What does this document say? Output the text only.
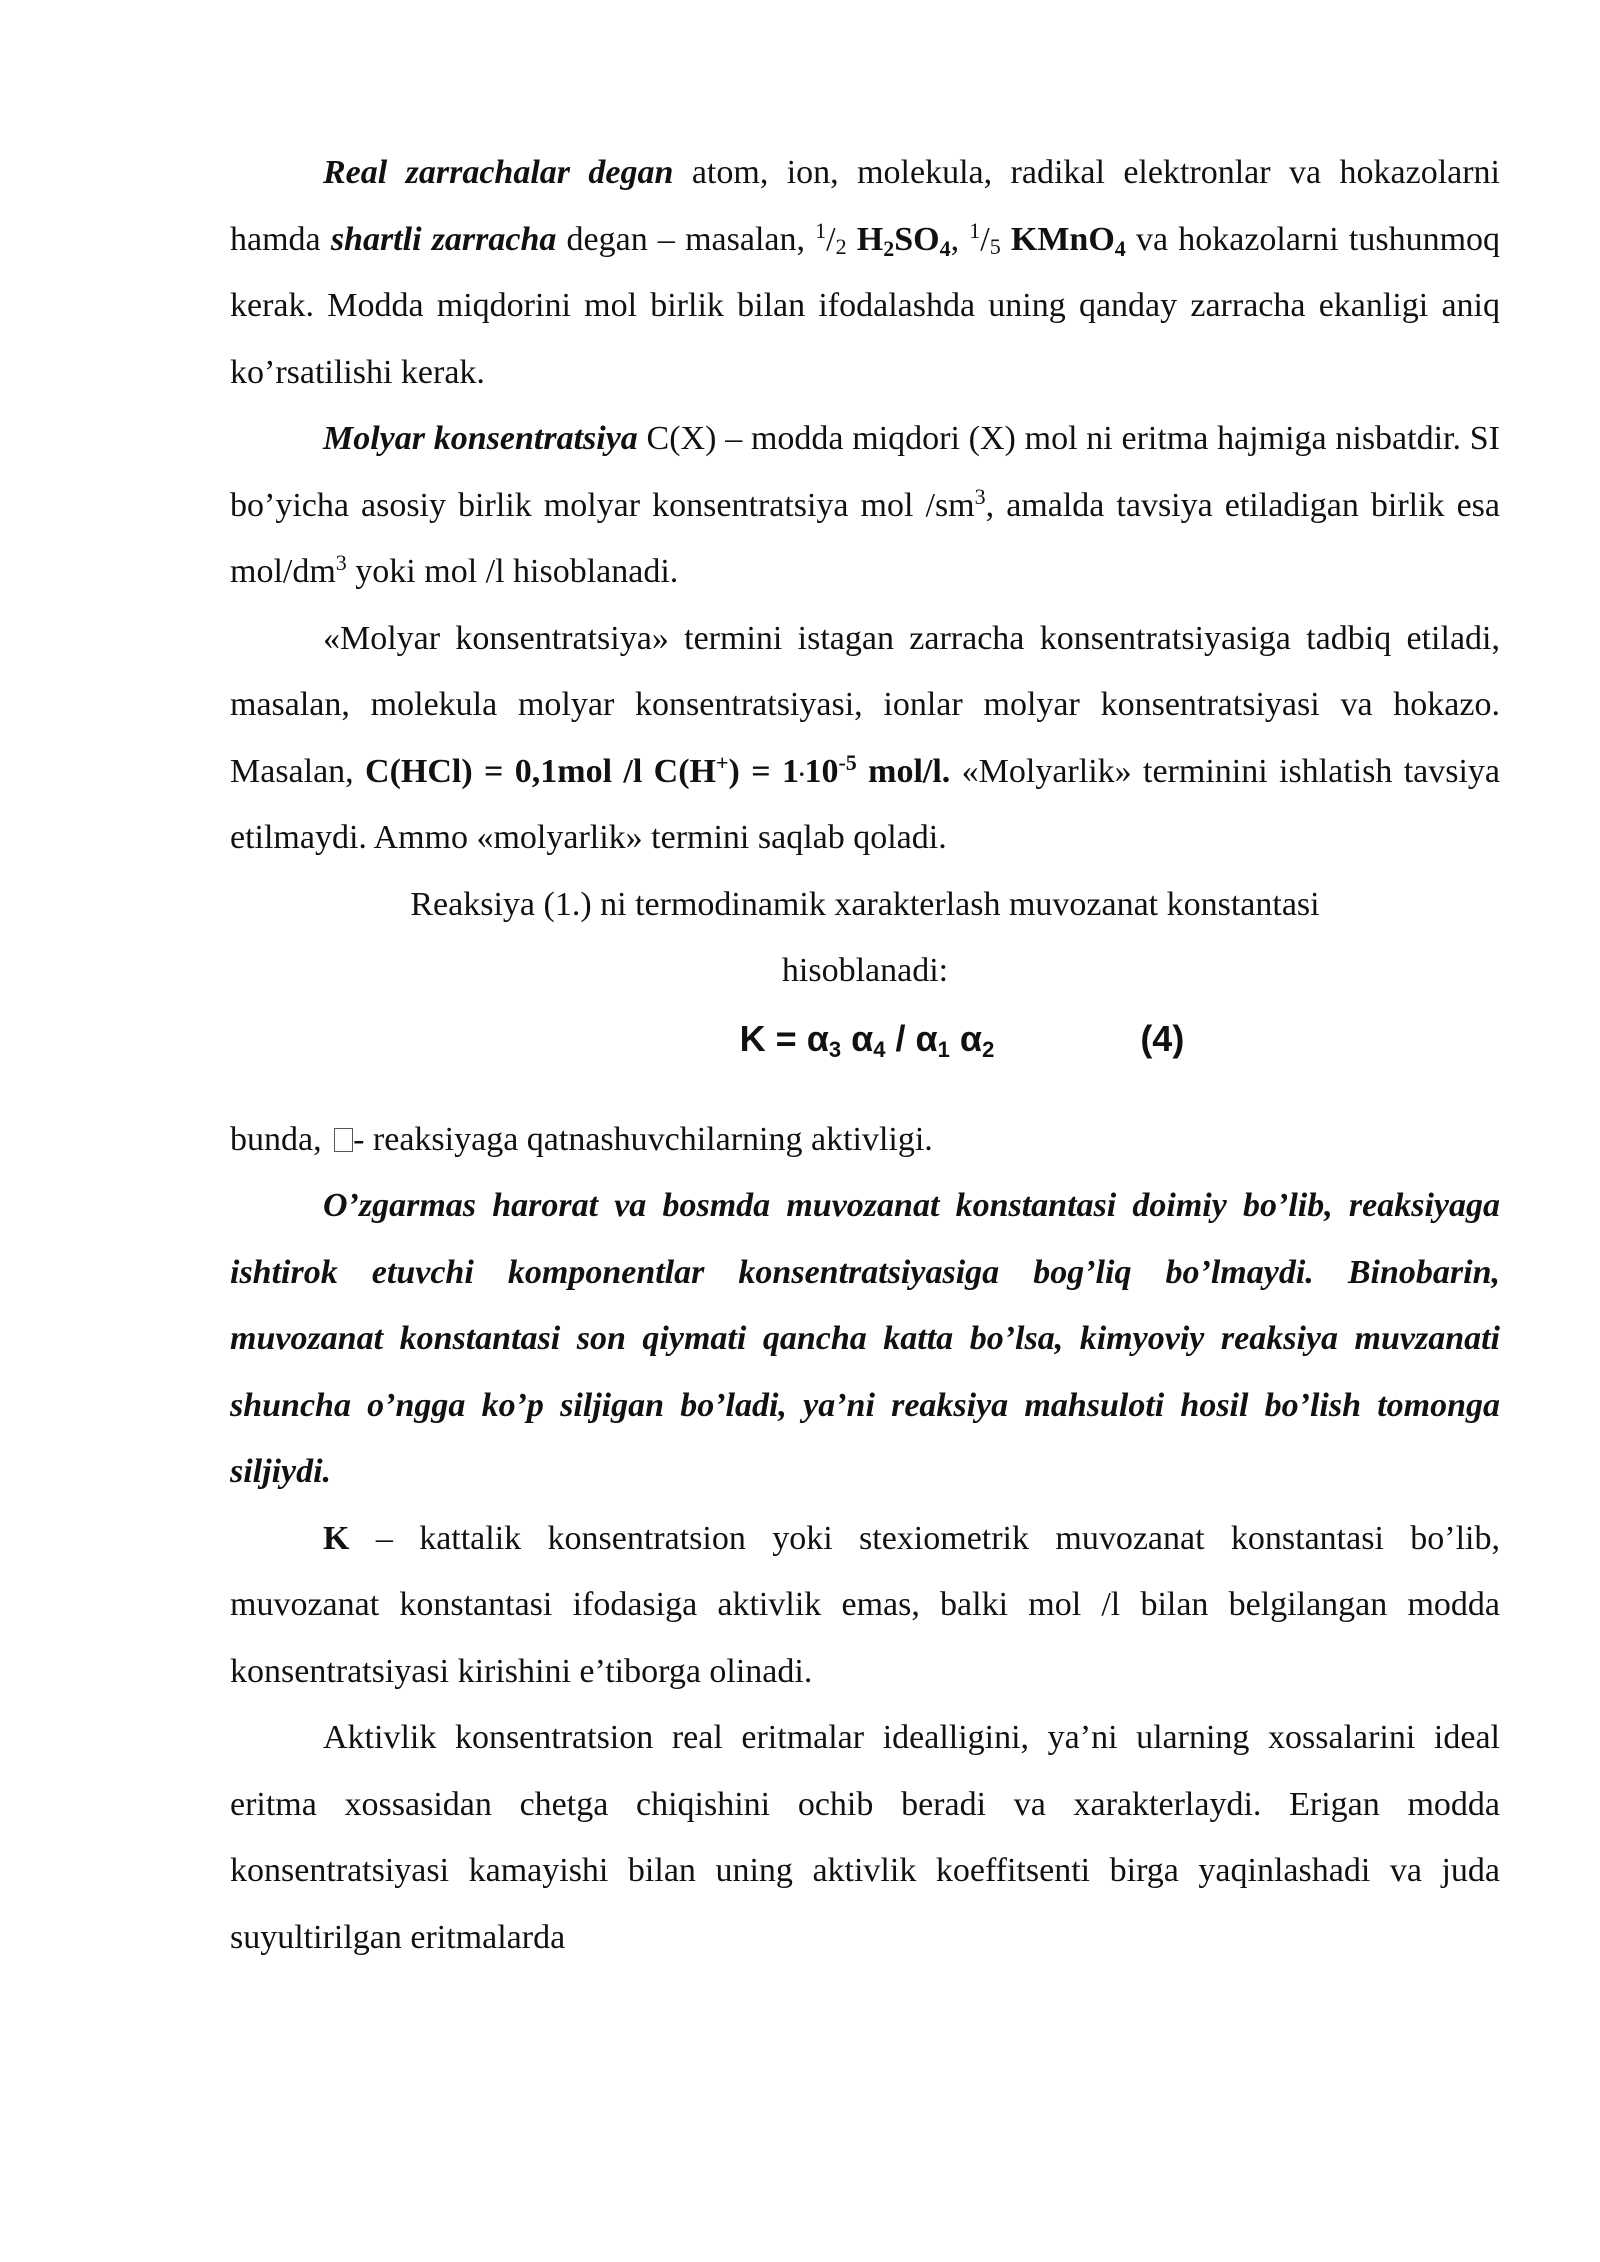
Real zarrachalar degan atom, ion, molekula, radikal elektronlar va hokazolarni hamda shartli zarracha degan – masalan, $^1/_2$ $H_2SO_4$, $^1/_5$ KMnO$_4$ va hokazolarni tushunmoq kerak. Modda miqdorini mol birlik bilan ifodalashda uning qanday zarracha ekanligi aniq ko’rsatilishi kerak.

Molyar konsentratsiya C(X) – modda miqdori (X) mol ni eritma hajmiga nisbatdir. SI bo’yicha asosiy birlik molyar konsentratsiya mol $/sm^3$, amalda tavsiya etiladigan birlik esa mol/$dm^3$ yoki mol /l hisoblanadi.

«Molyar konsentratsiya» termini istagan zarracha konsentratsiyasiga tadbiq etiladi, masalan, molekula molyar konsentratsiyasi, ionlar molyar konsentratsiyasi va hokazo. Masalan, C(HCl) = 0,1mol /l $C(H^+) = 1.10^{-5}$ mol/l. «Molyarlik» terminini ishlatish tavsiya etilmaydi. Ammo «molyarlik» termini saqlab qoladi.

Reaksiya (1.) ni termodinamik xarakterlash muvozanat konstantasi

hisoblanadi:

$K = \alpha_3$ $\alpha_4 / \alpha_1$ $\alpha_2$	(4)

bunda, - reaksiyaga qatnashuvchilarning aktivligi.

O’zgarmas harorat va bosmda muvozanat konstantasi doimiy bo’lib, reaksiyaga ishtirok etuvchi komponentlar konsentratsiyasiga bog’liq bo’lmaydi. Binobarin, muvozanat konstantasi son qiymati qancha katta bo’lsa, kimyoviy reaksiya muvzanati shuncha o’ngga ko’p siljigan bo’ladi, ya’ni reaksiya mahsuloti hosil bo’lish tomonga siljiydi.

K – kattalik konsentratsion yoki stexiometrik muvozanat konstantasi bo’lib, muvozanat konstantasi ifodasiga aktivlik emas, balki mol /l bilan belgilangan modda konsentratsiyasi kirishini e’tiborga olinadi.

Aktivlik konsentratsion real eritmalar idealligini, ya’ni ularning xossalarini ideal eritma xossasidan chetga chiqishini ochib beradi va xarakterlaydi. Erigan modda konsentratsiyasi kamayishi bilan uning aktivlik koeffitsenti birga yaqinlashadi va juda suyultirilgan eritmalarda
